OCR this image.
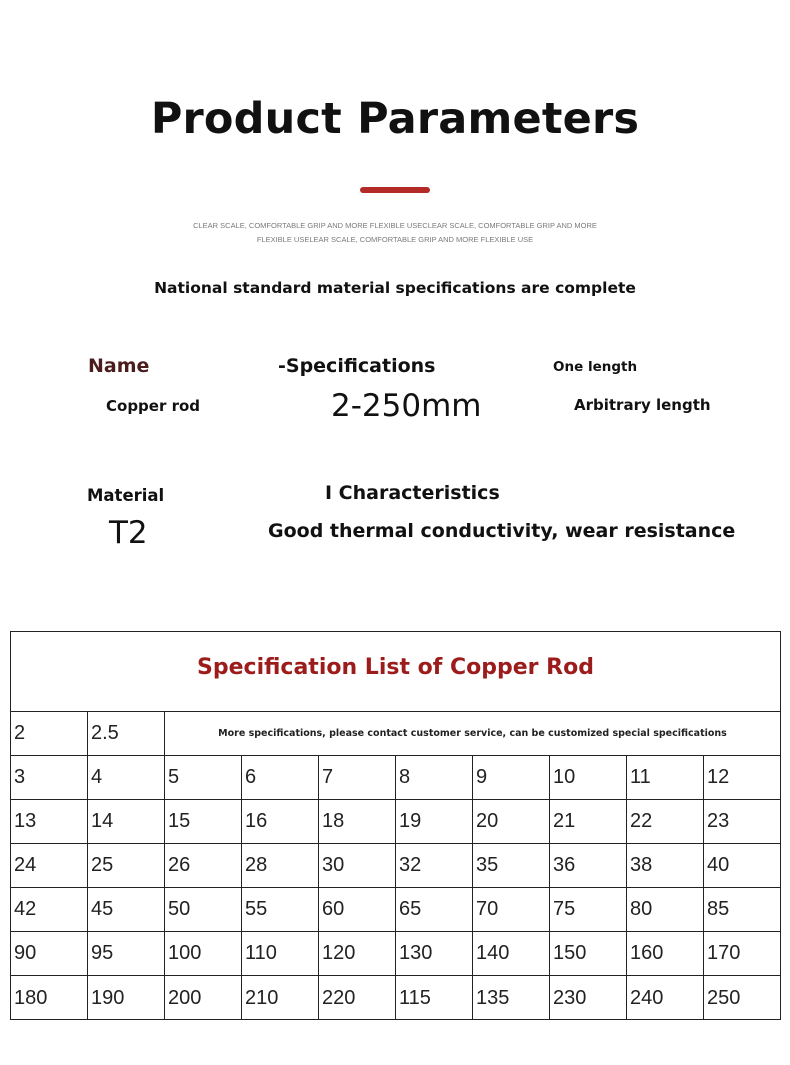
Product Parameters
CLEAR SCALE, COMFORTABLE GRIP AND MORE FLEXIBLE USECLEAR SCALE, COMFORTABLE GRIP AND MORE
FLEXIBLE USELEAR SCALE, COMFORTABLE GRIP AND MORE FLEXIBLE USE
National standard material specifications are complete
Name	-Specifications	One length
Copper rod	2-250mm	Arbitrary length
Material	I Characteristics
T2	Good thermal conductivity, wear resistance
Specification List of Copper Rod
2	2.5	More specifications, please contact customer service, can be customized special specifications
3	4	5	6	7	8	9	10	11	12
13	14	15	16	18	19	20	21	22	23
24	25	26	28	30	32	35	36	38	40
42	45	50	55	60	65	70	75	80	85
90	95	100	110	120	130	140	150	160	170
180	190	200	210	220	115	135	230	240	250
